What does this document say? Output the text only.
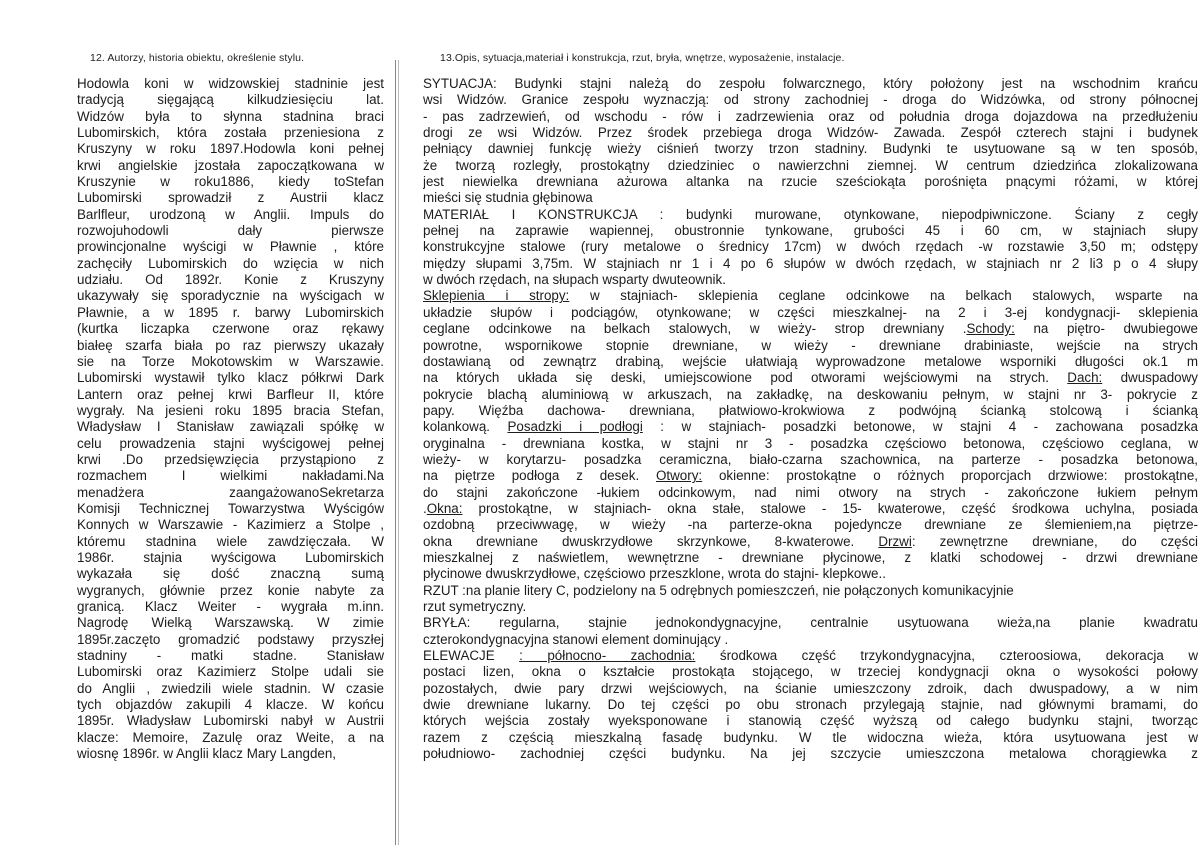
12. Autorzy, historia obiektu, określenie stylu.	13.Opis, sytuacja,materiał i konstrukcja, rzut, bryła, wnętrze, wyposażenie, instalacje.
Hodowla koni w widzowskiej stadninie jest
tradycją sięgającą kilkudziesięciu lat.
Widzów była to słynna stadnina braci
Lubomirskich, która została przeniesiona z
Kruszyny w roku 1897.Hodowla koni pełnej
krwi angielskie jzostała zapoczątkowana w
Kruszynie w roku1886, kiedy toStefan
Lubomirski sprowadził z Austrii klacz
Barlfleur, urodzoną w Anglii. Impuls do
rozwojuhodowli dały pierwsze
prowincjonalne wyścigi w Pławnie , które
zachęciły Lubomirskich do wzięcia w nich
udziału. Od 1892r. Konie z Kruszyny
ukazywały się sporadycznie na wyścigach w
Pławnie, a w 1895 r. barwy Lubomirskich
(kurtka liczapka czerwone oraz rękawy
białeę szarfa biała po raz pierwszy ukazały
sie na Torze Mokotowskim w Warszawie.
Lubomirski wystawił tylko klacz półkrwi Dark
Lantern oraz pełnej krwi Barfleur II, które
wygrały. Na jesieni roku 1895 bracia Stefan,
Władysław I Stanisław zawiązali spółkę w
celu prowadzenia stajni wyścigowej pełnej
krwi .Do przedsięwzięcia przystąpiono z
rozmachem I wielkimi nakładami.Na
menadżera zaangażowanoSekretarza
Komisji Technicznej Towarzystwa Wyścigów
Konnych w Warszawie - Kazimierz a Stolpe ,
któremu stadnina wiele zawdzięczała. W
1986r. stajnia wyścigowa Lubomirskich
wykazała się dość znaczną sumą
wygranych, głównie przez konie nabyte za
granicą. Klacz Weiter - wygrała m.inn.
Nagrodę Wielką Warszawską. W zimie
1895r.zaczęto gromadzić podstawy przyszłej
stadniny - matki stadne. Stanisław
Lubomirski oraz Kazimierz Stolpe udali sie
do Anglii , zwiedzili wiele stadnin. W czasie
tych objazdów zakupili 4 klacze. W końcu
1895r. Władysław Lubomirski nabył w Austrii
klacze: Memoire, Zazulę oraz Weite, a na
wiosnę 1896r. w Anglii klacz Mary Langden,
SYTUACJA: Budynki stajni należą do zespołu folwarcznego, który położony jest na wschodnim krańcu
wsi Widzów. Granice zespołu wyznaczją: od strony zachodniej - droga do Widzówka, od strony północnej
- pas zadrzewień, od wschodu - rów i zadrzewienia oraz od południa droga dojazdowa na przedłużeniu
drogi ze wsi Widzów. Przez środek przebiega droga Widzów- Zawada. Zespół czterech stajni i budynek
pełniący dawniej funkcję wieży ciśnień tworzy trzon stadniny. Budynki te usytuowane są w ten sposób,
że tworzą rozległy, prostokątny dziedziniec o nawierzchni ziemnej. W centrum dziedzińca zlokalizowana
jest niewielka drewniana ażurowa altanka na rzucie sześciokąta porośnięta pnącymi różami, w której
mieści się studnia głębinowa
MATERIAŁ I KONSTRUKCJA : budynki murowane, otynkowane, niepodpiwniczone. Ściany z cegły
pełnej na zaprawie wapiennej, obustronnie tynkowane, grubości 45 i 60 cm, w stajniach słupy
konstrukcyjne stalowe (rury metalowe o średnicy 17cm) w dwóch rzędach -w rozstawie 3,50 m; odstępy
między słupami 3,75m. W stajniach nr 1 i 4 po 6 słupów w dwóch rzędach, w stajniach nr 2 li3 p o 4 słupy
w dwóch rzędach, na słupach wsparty dwuteownik.
Sklepienia i stropy: w stajniach- sklepienia ceglane odcinkowe na belkach stalowych, wsparte na
układzie słupów i podciągów, otynkowane; w części mieszkalnej- na 2 i 3-ej kondygnacji- sklepienia
ceglane odcinkowe na belkach stalowych, w wieży- strop drewniany .Schody: na piętro- dwubiegowe
powrotne, wspornikowe stopnie drewniane, w wieży - drewniane drabiniaste, wejście na strych
dostawianą od zewnątrz drabiną, wejście ułatwiają wyprowadzone metalowe wsporniki długości ok.1 m
na których układa się deski, umiejscowione pod otworami wejściowymi na strych. Dach: dwuspadowy
pokrycie blachą aluminiową w arkuszach, na zakładkę, na deskowaniu pełnym, w stajni nr 3- pokrycie z
papy. Więźba dachowa- drewniana, płatwiowo-krokwiowa z podwójną ścianką stolcową i ścianką
kolankową. Posadzki i podłogi : w stajniach- posadzki betonowe, w stajni 4 - zachowana posadzka
oryginalna - drewniana kostka, w stajni nr 3 - posadzka częściowo betonowa, częściowo ceglana, w
wieży- w korytarzu- posadzka ceramiczna, biało-czarna szachownica, na parterze - posadzka betonowa,
na piętrze podłoga z desek. Otwory: okienne: prostokątne o różnych proporcjach drzwiowe: prostokątne,
do stajni zakończone -łukiem odcinkowym, nad nimi otwory na strych - zakończone łukiem pełnym
.Okna: prostokątne, w stajniach- okna stałe, stalowe - 15- kwaterowe, część środkowa uchylna, posiada
ozdobną przeciwwagę, w wieży -na parterze-okna pojedyncze drewniane ze ślemieniem,na piętrze-
okna drewniane dwuskrzydłowe skrzynkowe, 8-kwaterowe. Drzwi: zewnętrzne drewniane, do części
mieszkalnej z naświetlem, wewnętrzne - drewniane płycinowe, z klatki schodowej - drzwi drewniane
płycinowe dwuskrzydłowe, częściowo przeszklone, wrota do stajni- klepkowe..
RZUT :na planie litery C, podzielony na 5 odrębnych pomieszczeń, nie połączonych komunikacyjnie
rzut symetryczny.
BRYŁA: regularna, stajnie jednokondygnacyjne, centralnie usytuowana wieża,na planie kwadratu
czterokondygnacyjna stanowi element dominujący .
ELEWACJE : północno- zachodnia: środkowa część trzykondygnacyjna, czteroosiowa, dekoracja w
postaci lizen, okna o kształcie prostokąta stojącego, w trzeciej kondygnacji okna o wysokości połowy
pozostałych, dwie pary drzwi wejściowych, na ścianie umieszczony zdroik, dach dwuspadowy, a w nim
dwie drewniane lukarny. Do tej części po obu stronach przylegają stajnie, nad głównymi bramami, do
których wejścia zostały wyeksponowane i stanowią część wyższą od całego budynku stajni, tworząc
razem z częścią mieszkalną fasadę budynku. W tle widoczna wieża, która usytuowana jest w
południowo- zachodniej części budynku. Na jej szczycie umieszczona metalowa chorągiewka z
